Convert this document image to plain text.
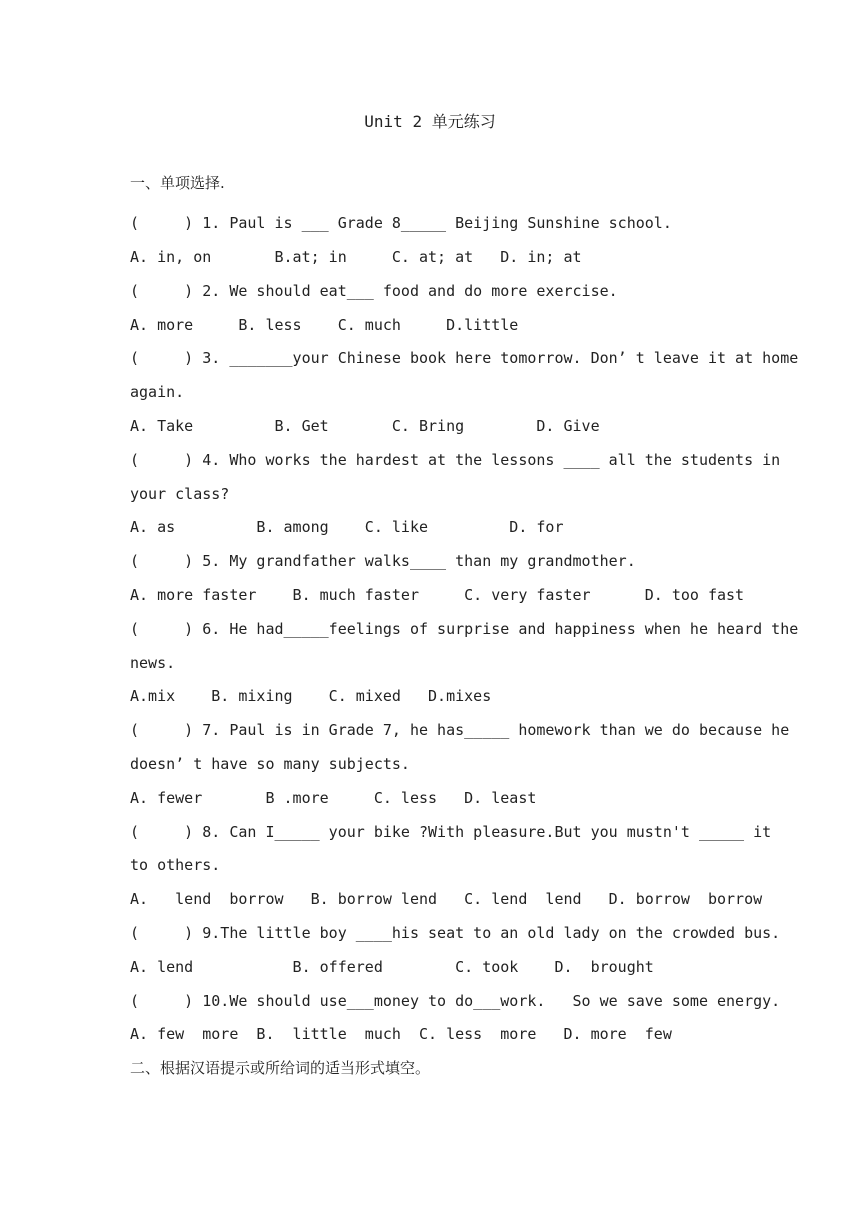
Unit 2 单元练习
一、单项选择.
(     ) 1. Paul is ___ Grade 8_____ Beijing Sunshine school.
A. in, on       B.at; in     C. at; at   D. in; at
(     ) 2. We should eat___ food and do more exercise.
A. more     B. less    C. much     D.little
(     ) 3. _______your Chinese book here tomorrow. Don’ t leave it at home
again.
A. Take         B. Get       C. Bring        D. Give
(     ) 4. Who works the hardest at the lessons ____ all the students in
your class?
A. as         B. among    C. like         D. for
(     ) 5. My grandfather walks____ than my grandmother.
A. more faster    B. much faster     C. very faster      D. too fast
(     ) 6. He had_____feelings of surprise and happiness when he heard the
news.
A.mix    B. mixing    C. mixed   D.mixes
(     ) 7. Paul is in Grade 7, he has_____ homework than we do because he
doesn’ t have so many subjects.
A. fewer       B .more     C. less   D. least
(     ) 8. Can I_____ your bike ?With pleasure.But you mustn't _____ it
to others.
A.   lend  borrow   B. borrow lend   C. lend  lend   D. borrow  borrow
(     ) 9.The little boy ____his seat to an old lady on the crowded bus.
A. lend           B. offered        C. took    D.  brought
(     ) 10.We should use___money to do___work.   So we save some energy.
A. few  more  B.  little  much  C. less  more   D. more  few
二、根据汉语提示或所给词的适当形式填空。
